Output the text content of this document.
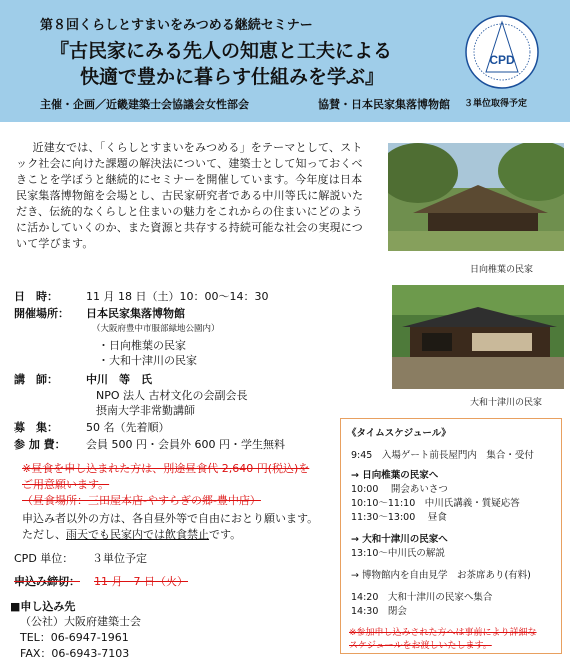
第８回くらしとすまいをみつめる継続セミナー
『古民家にみる先人の知恵と工夫による
快適で豊かに暮らす仕組みを学ぶ』
主催・企画／近畿建築士会協議会女性部会	協賛・日本民家集落博物館
CPD
３単位取得予定
近建女では、「くらしとすまいをみつめる」をテーマとして、ストック社会に向けた課題の解決法について、建築士として知っておくべきことを学ぼうと継続的にセミナーを開催しています。今年度は日本民家集落博物館を会場とし、古民家研究者である中川等氏に解説いただき、伝統的なくらしと住まいの魅力をこれからの住まいにどのように活かしていくのか、また資源と共存する持続可能な社会の実現について学びます。
日向椎葉の民家
大和十津川の民家
日　時：	11 月 18 日（土）10：00～14：30
開催場所： 日本民家集落博物館
（大阪府豊中市服部緑地公園内）
・日向椎葉の民家
・大和十津川の民家
講　師：	中川　等　氏
NPO 法人 古材文化の会副会長
摂南大学非常勤講師
募　集：	50 名（先着順）
参 加 費： 会員 500 円・会員外 600 円・学生無料
※昼食を申し込まれた方は、別途昼食代 2,640 円(税込)を
ご用意願います。
（昼食場所：三田屋本店-やすらぎの郷-豊中店）
申込み者以外の方は、各自昼外等で自由におとり願います。
ただし、雨天でも民家内では飲食禁止です。
CPD 単位： ３単位予定
申込み締切： 11 月　7 日（火）
■申し込み先
（公社）大阪府建築士会
TEL：06-6947-1961
FAX：06-6943-7103
《タイムスケジュール》
9:45　入場ゲート前長屋門内　集合・受付
→ 日向椎葉の民家へ
10:00　 開会あいさつ
10:10～11:10　中川氏講義・質疑応答
11:30～13:00　 昼食
→ 大和十津川の民家へ
13:10～中川氏の解説
→ 博物館内を自由見学　お茶席あり(有料)
14:20　大和十津川の民家へ集合
14:30　閉会
※参加申し込みされた方へは事前により詳細な
スケジュールをお渡しいたします。
